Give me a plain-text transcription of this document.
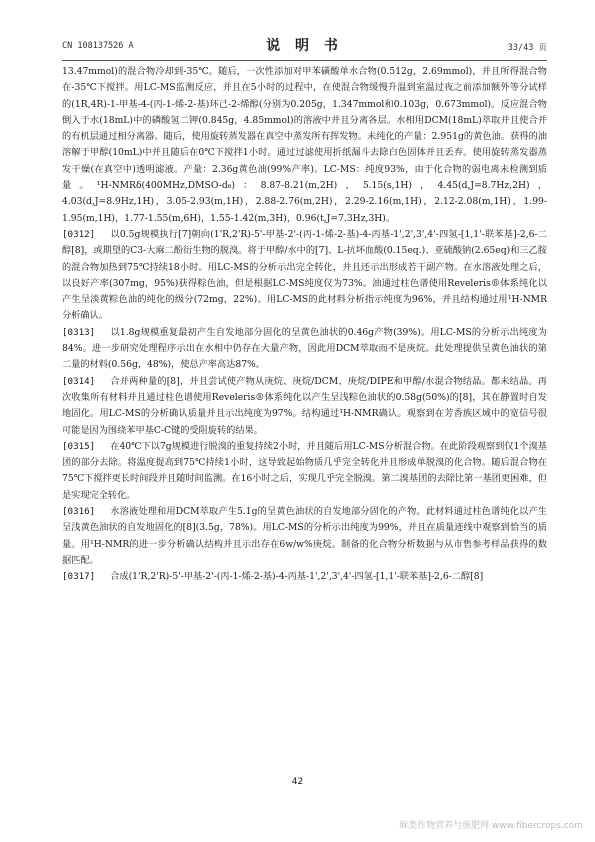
CN 108137526 A	说 明 书	33/43 页

13.47mmol)的混合物冷却到-35℃。随后，一次性添加对甲苯磺酸单水合物(0.512g，2.69mmol)，并且所得混合物在-35℃下搅拌。用LC-MS监测反应，并且在5小时的过程中，在使混合物缓慢升温到室温过夜之前添加额外等分试样的(1R,4R)-1-甲基-4-(丙-1-烯-2-基)环己-2-烯醇(分别为0.205g，1.347mmol和0.103g，0.673mmol)。反应混合物倒入于水(18mL)中的磷酸氢二钾(0.845g，4.85mmol)的溶液中并且分离各层。水相用DCM(18mL)萃取并且使合并的有机层通过相分离器。随后，使用旋转蒸发器在真空中蒸发所有挥发物。未纯化的产量：2.951g的黄色油。获得的油溶解于甲醇(10mL)中并且随后在0℃下搅拌1小时。通过过滤使用折纸漏斗去除白色固体并且丢弃。使用旋转蒸发器蒸发干燥(在真空中)透明滤液。产量：2.36g黄色油(99%产率)。LC-MS：纯度93%，由于化合物的弱电离未检测到质量。¹H-NMRδ(400MHz,DMSO-d₆)：8.87-8.21(m,2H)，5.15(s,1H)，4.45(d,J=8.7Hz,2H)，4.03(d,J=8.9Hz,1H)，3.05-2.93(m,1H)，2.88-2.76(m,2H)，2.29-2.16(m,1H)，2.12-2.08(m,1H)，1.99-1.95(m,1H)，1.77-1.55(m,6H)，1.55-1.42(m,3H)，0.96(t,J=7.3Hz,3H)。

[0312] 以0.5g规模执行[7]朝向(1'R,2'R)-5'-甲基-2'-(丙-1-烯-2-基)-4-丙基-1',2',3',4'-四氢-[1,1'-联苯基]-2,6-二醇[8]，或期望的C3-大麻二酚衍生物的脱溴。将于甲醇/水中的[7]、L-抗坏血酸(0.15eq.)、亚硫酸钠(2.65eq)和三乙胺的混合物加热到75℃持续18小时。用LC-MS的分析示出完全转化，并且还示出形成若干副产物。在水溶液处理之后，以良好产率(307mg，95%)获得粽色油，但是根据LC-MS纯度仅为73%。油通过柱色谱使用Reveleris®体系纯化以产生呈淡黄粽色油的纯化的级分(72mg，22%)。用LC-MS的此材料分析指示纯度为96%，并且结构通过用¹H-NMR分析确认。

[0313] 以1.8g规模重复最初产生自发地部分固化的呈黄色油状的0.46g产物(39%)。用LC-MS的分析示出纯度为84%。进一步研究处理程序示出在水相中仍存在大量产物，因此用DCM萃取而不是庚烷。此处理提供呈黄色油状的第二量的材料(0.56g，48%)，使总产率高达87%。

[0314] 合并两种量的[8]，并且尝试使产物从庚烷、庚烷/DCM、庚烷/DIPE和甲醇/水混合物结晶。都未结晶。再次收集所有材料并且通过柱色谱使用Reveleris®体系纯化以产生呈浅粽色油状的0.58g(50%)的[8]，其在静置时自发地固化。用LC-MS的分析确认质量并且示出纯度为97%。结构通过¹H-NMR确认。观察到在芳香族区域中的宽信号很可能是因为围绕苯甲基C-C键的受阻旋转的结果。

[0315] 在40℃下以7g规模进行脱溴的重复持续2小时，并且随后用LC-MS分析混合物。在此阶段观察到仅1个溴基团的部分去除。将温度提高到75℃持续1小时，这导致起始物质几乎完全转化并且形成单脱溴的化合物。随后混合物在75℃下搅拌更长时间段并且随时间监测。在16小时之后，实现几乎完全脱溴。第二溴基团的去除比第一基团更困难，但是实现完全转化。

[0316] 水溶液处理和用DCM萃取产生5.1g的呈黄色油状的自发地部分固化的产物。此材料通过柱色谱纯化以产生呈浅黄色油状的自发地固化的[8](3.5g，78%)。用LC-MS的分析示出纯度为99%，并且在质量迹线中观察到恰当的质量。用¹H-NMR的进一步分析确认结构并且示出存在6w/w%庚烷。制备的化合物分析数据与从市售参考样品获得的数据匹配。

[0317] 合成(1'R,2'R)-5'-甲基-2'-(丙-1-烯-2-基)-4-丙基-1',2',3',4'-四氢-[1,1'-联苯基]-2,6-二醇[8]

42
麻类作物营养与施肥网 www.fibercrops.com
